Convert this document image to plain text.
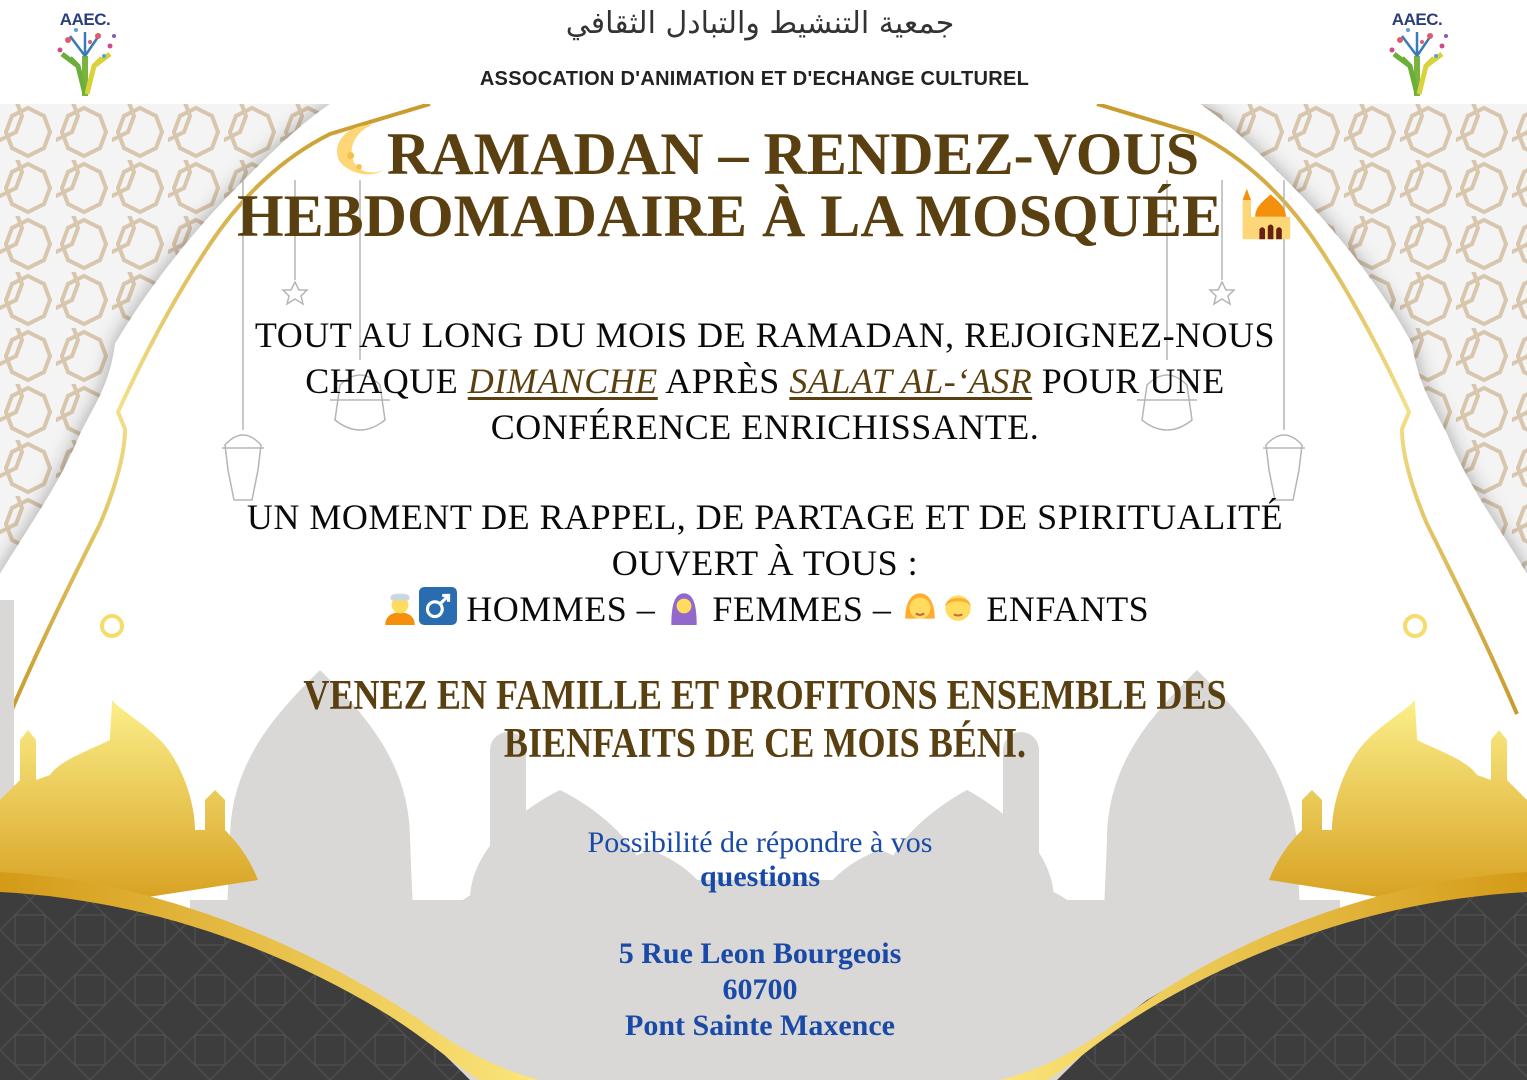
AAEC.	جمعية التنشيط والتبادل الثقافي
ASSOCATION D'ANIMATION ET D'ECHANGE CULTUREL
AAEC.
RAMADAN – RENDEZ-VOUS
HEBDOMADAIRE À LA MOSQUÉE
TOUT AU LONG DU MOIS DE RAMADAN, REJOIGNEZ-NOUS
CHAQUE DIMANCHE APRÈS SALAT AL-‘ASR POUR UNE
CONFÉRENCE ENRICHISSANTE.
UN MOMENT DE RAPPEL, DE PARTAGE ET DE SPIRITUALITÉ
OUVERT À TOUS :
HOMMES –  FEMMES –  ENFANTS
VENEZ EN FAMILLE ET PROFITONS ENSEMBLE DES
BIENFAITS DE CE MOIS BÉNI.
Possibilité de répondre à vos
questions
5 Rue Leon Bourgeois
60700
Pont Sainte Maxence
